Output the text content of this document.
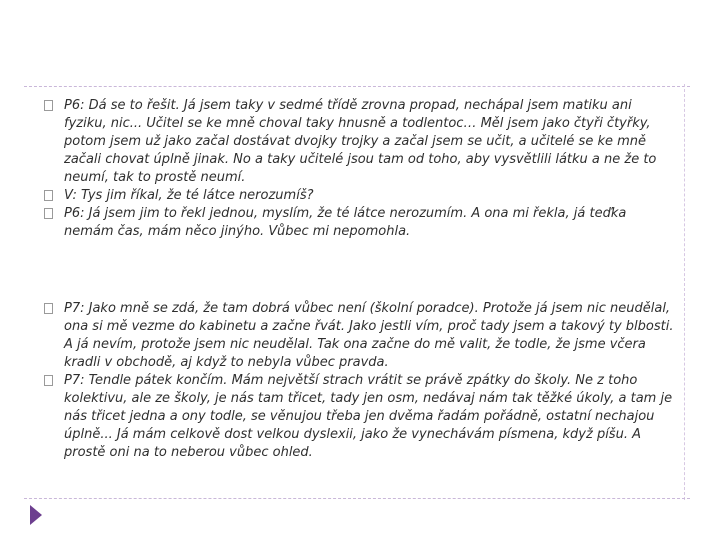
P6: Dá se to řešit. Já jsem taky v sedmé třídě zrovna propad, nechápal jsem matiku ani fyziku, nic... Učitel se ke mně choval taky hnusně a todlentoc… Měl jsem jako čtyři čtyřky, potom jsem už jako začal dostávat dvojky trojky a začal jsem se učit, a učitelé se ke mně začali chovat úplně jinak. No a taky učitelé jsou tam od toho, aby vysvětlili látku a ne že to neumí, tak to prostě neumí.
V: Tys jim říkal, že té látce nerozumíš?
P6: Já jsem jim to řekl jednou, myslím, že té látce nerozumím. A ona mi řekla, já teďka nemám čas, mám něco jinýho. Vůbec mi nepomohla.
P7: Jako mně se zdá, že tam dobrá vůbec není (školní poradce). Protože já jsem nic neudělal, ona si mě vezme do kabinetu a začne řvát. Jako jestli vím, proč tady jsem a takový ty blbosti. A já nevím, protože jsem nic neudělal. Tak ona začne do mě valit, že todle, že jsme včera kradli v obchodě, aj když to nebyla vůbec pravda.
P7: Tendle pátek končím. Mám největší strach vrátit se právě zpátky do školy. Ne z toho kolektivu, ale ze školy, je nás tam třicet, tady jen osm, nedávaj nám tak těžké úkoly, a tam je nás třicet jedna a ony todle, se věnujou třeba jen dvěma řadám pořádně, ostatní nechajou úplně... Já mám celkově dost velkou dyslexii, jako že vynechávám písmena, když píšu. A prostě oni na to neberou vůbec ohled.
